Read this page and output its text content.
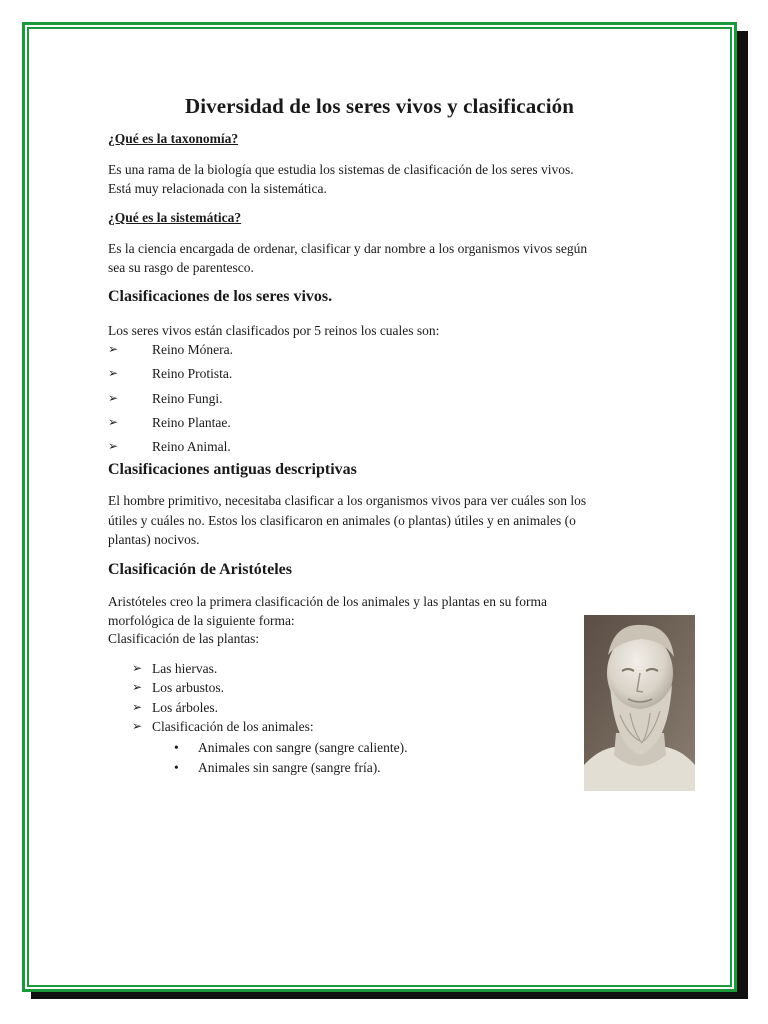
Diversidad de los seres vivos y clasificación
¿Qué es la taxonomía?
Es una rama de la biología que estudia los sistemas de clasificación de los seres vivos.
Está muy relacionada con la sistemática.
¿Qué es la sistemática?
Es la ciencia encargada de ordenar, clasificar y dar nombre a los organismos vivos según
sea su rasgo de parentesco.
Clasificaciones de los seres vivos.
Los seres vivos están clasificados por 5 reinos los cuales son:
➢	Reino Mónera.
➢	Reino Protista.
➢	Reino Fungi.
➢	Reino Plantae.
➢	Reino Animal.
Clasificaciones antiguas descriptivas
El hombre primitivo, necesitaba clasificar a los organismos vivos para ver cuáles son los
útiles y cuáles no. Estos los clasificaron en animales (o plantas) útiles y en animales (o
plantas) nocivos.
Clasificación de Aristóteles
Aristóteles creo la primera clasificación de los animales y las plantas en su forma
morfológica de la siguiente forma:
Clasificación de las plantas:
➢ Las hiervas.
➢ Los arbustos.
➢ Los árboles.
➢ Clasificación de los animales:
• Animales con sangre (sangre caliente).
• Animales sin sangre (sangre fría).
